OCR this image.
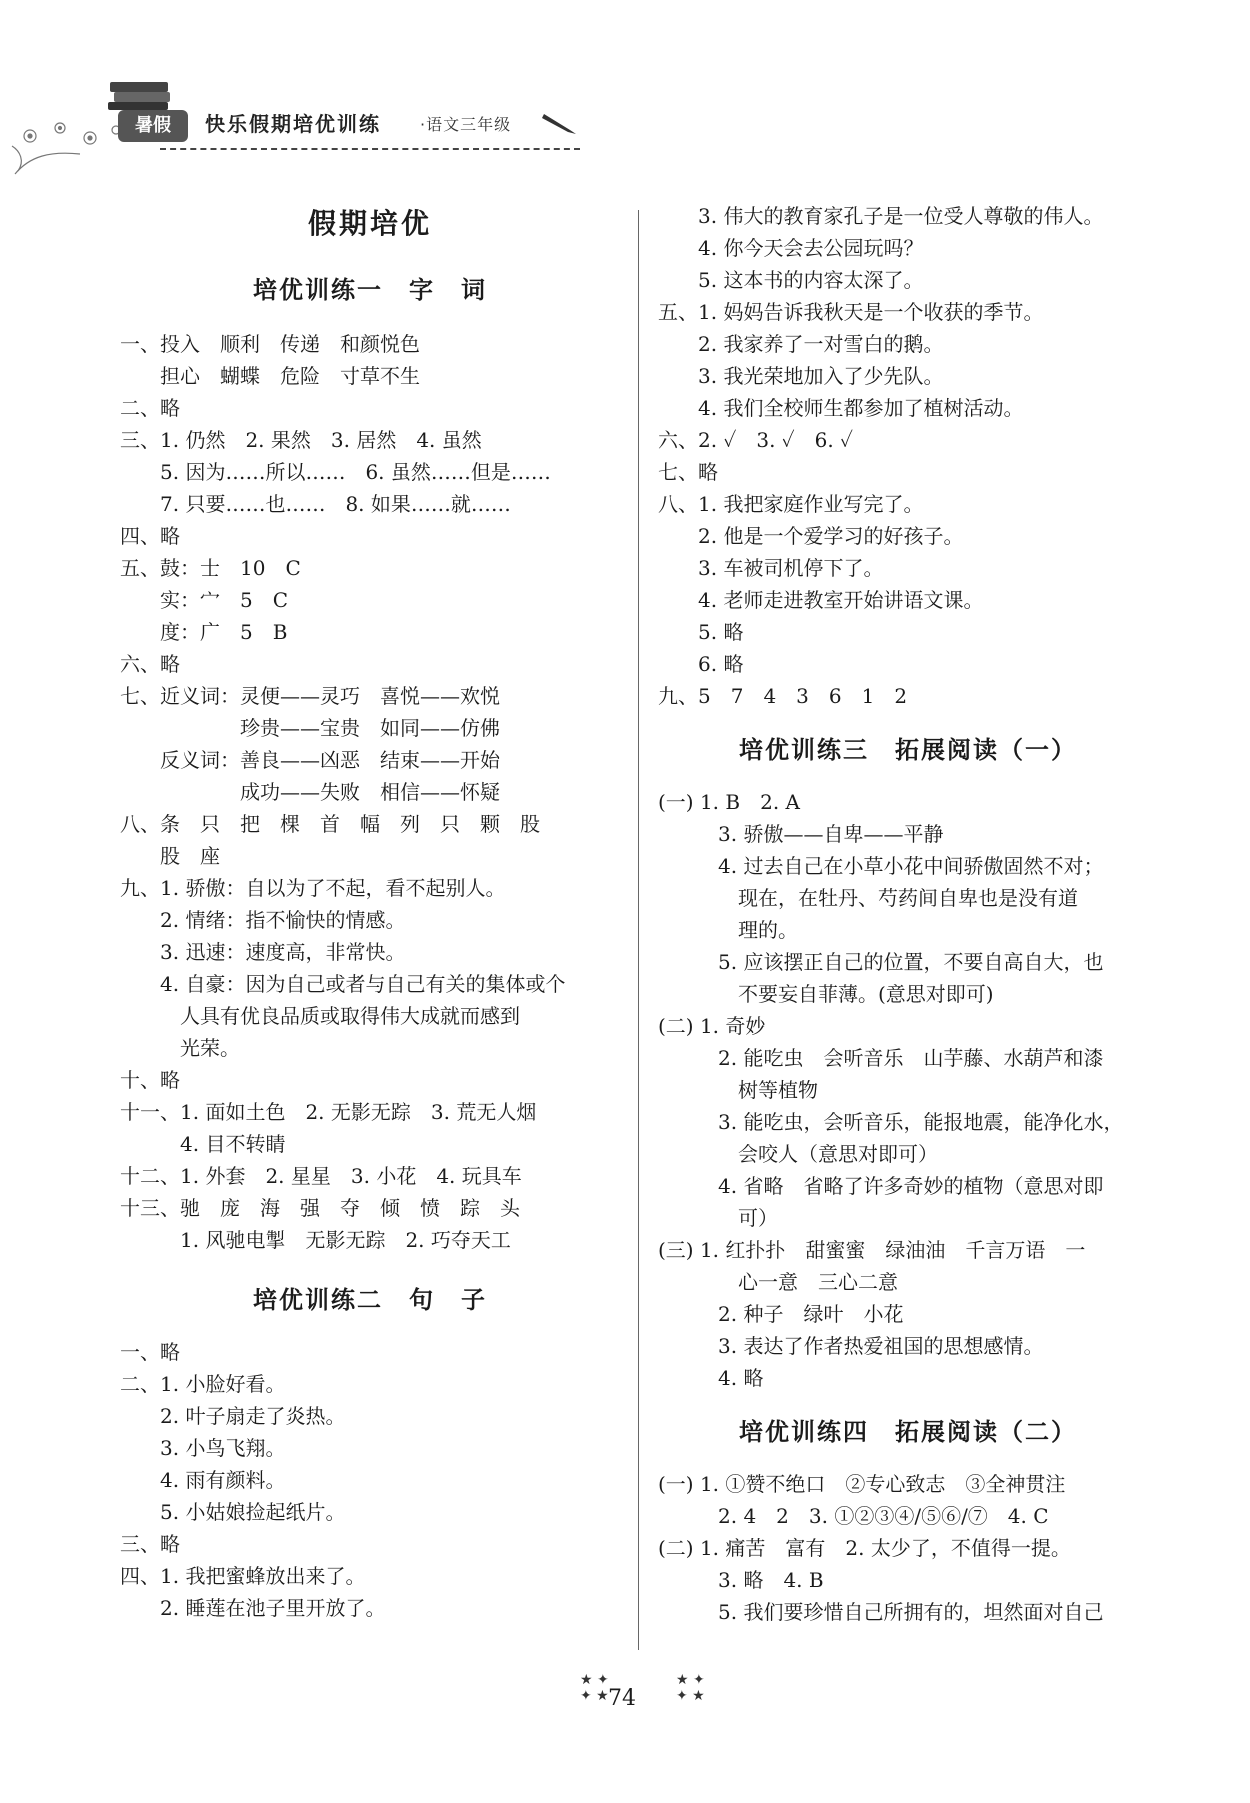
暑假	快乐假期培优训练 ·语文三年级
假期培优
培优训练一　字　词
一、投入　顺利　传递　和颜悦色
　　担心　蝴蝶　危险　寸草不生
二、略
三、1. 仍然　2. 果然　3. 居然　4. 虽然
　　5. 因为……所以……　6. 虽然……但是……
　　7. 只要……也……　8. 如果……就……
四、略
五、鼓：士　10　C
　　实：宀　5　C
　　度：广　5　B
六、略
七、近义词：灵便——灵巧　喜悦——欢悦
　　　　　　珍贵——宝贵　如同——仿佛
　　反义词：善良——凶恶　结束——开始
　　　　　　成功——失败　相信——怀疑
八、条　只　把　棵　首　幅　列　只　颗　股
　　股　座
九、1. 骄傲：自以为了不起，看不起别人。
　　2. 情绪：指不愉快的情感。
　　3. 迅速：速度高，非常快。
　　4. 自豪：因为自己或者与自己有关的集体或个
　　　人具有优良品质或取得伟大成就而感到
　　　光荣。
十、略
十一、1. 面如土色　2. 无影无踪　3. 荒无人烟
　　　4. 目不转睛
十二、1. 外套　2. 星星　3. 小花　4. 玩具车
十三、驰　庞　海　强　夺　倾　愤　踪　头
　　　1. 风驰电掣　无影无踪　2. 巧夺天工
培优训练二　句　子
一、略
二、1. 小脸好看。
　　2. 叶子扇走了炎热。
　　3. 小鸟飞翔。
　　4. 雨有颜料。
　　5. 小姑娘捡起纸片。
三、略
四、1. 我把蜜蜂放出来了。
　　2. 睡莲在池子里开放了。
　　3. 伟大的教育家孔子是一位受人尊敬的伟人。
　　4. 你今天会去公园玩吗？
　　5. 这本书的内容太深了。
五、1. 妈妈告诉我秋天是一个收获的季节。
　　2. 我家养了一对雪白的鹅。
　　3. 我光荣地加入了少先队。
　　4. 我们全校师生都参加了植树活动。
六、2. ✓　3. ✓　6. ✓
七、略
八、1. 我把家庭作业写完了。
　　2. 他是一个爱学习的好孩子。
　　3. 车被司机停下了。
　　4. 老师走进教室开始讲语文课。
　　5. 略
　　6. 略
九、5　7　4　3　6　1　2
培优训练三　拓展阅读（一）
(一) 1. B　2. A
　　　3. 骄傲——自卑——平静
　　　4. 过去自己在小草小花中间骄傲固然不对；
　　　　现在，在牡丹、芍药间自卑也是没有道
　　　　理的。
　　　5. 应该摆正自己的位置，不要自高自大，也
　　　　不要妄自菲薄。(意思对即可)
(二) 1. 奇妙
　　　2. 能吃虫　会听音乐　山芋藤、水葫芦和漆
　　　　树等植物
　　　3. 能吃虫，会听音乐，能报地震，能净化水，
　　　　会咬人（意思对即可）
　　　4. 省略　省略了许多奇妙的植物（意思对即
　　　　可）
(三) 1. 红扑扑　甜蜜蜜　绿油油　千言万语　一
　　　　心一意　三心二意
　　　2. 种子　绿叶　小花
　　　3. 表达了作者热爱祖国的思想感情。
　　　4. 略
培优训练四　拓展阅读（二）
(一) 1. ①赞不绝口　②专心致志　③全神贯注
　　　2. 4　2　3. ①②③④/⑤⑥/⑦　4. C
(二) 1. 痛苦　富有　2. 太少了，不值得一提。
　　　3. 略　4. B
　　　5. 我们要珍惜自己所拥有的，坦然面对自己
★ ✦
✦ ★ 74
★ ✦
✦ ★
